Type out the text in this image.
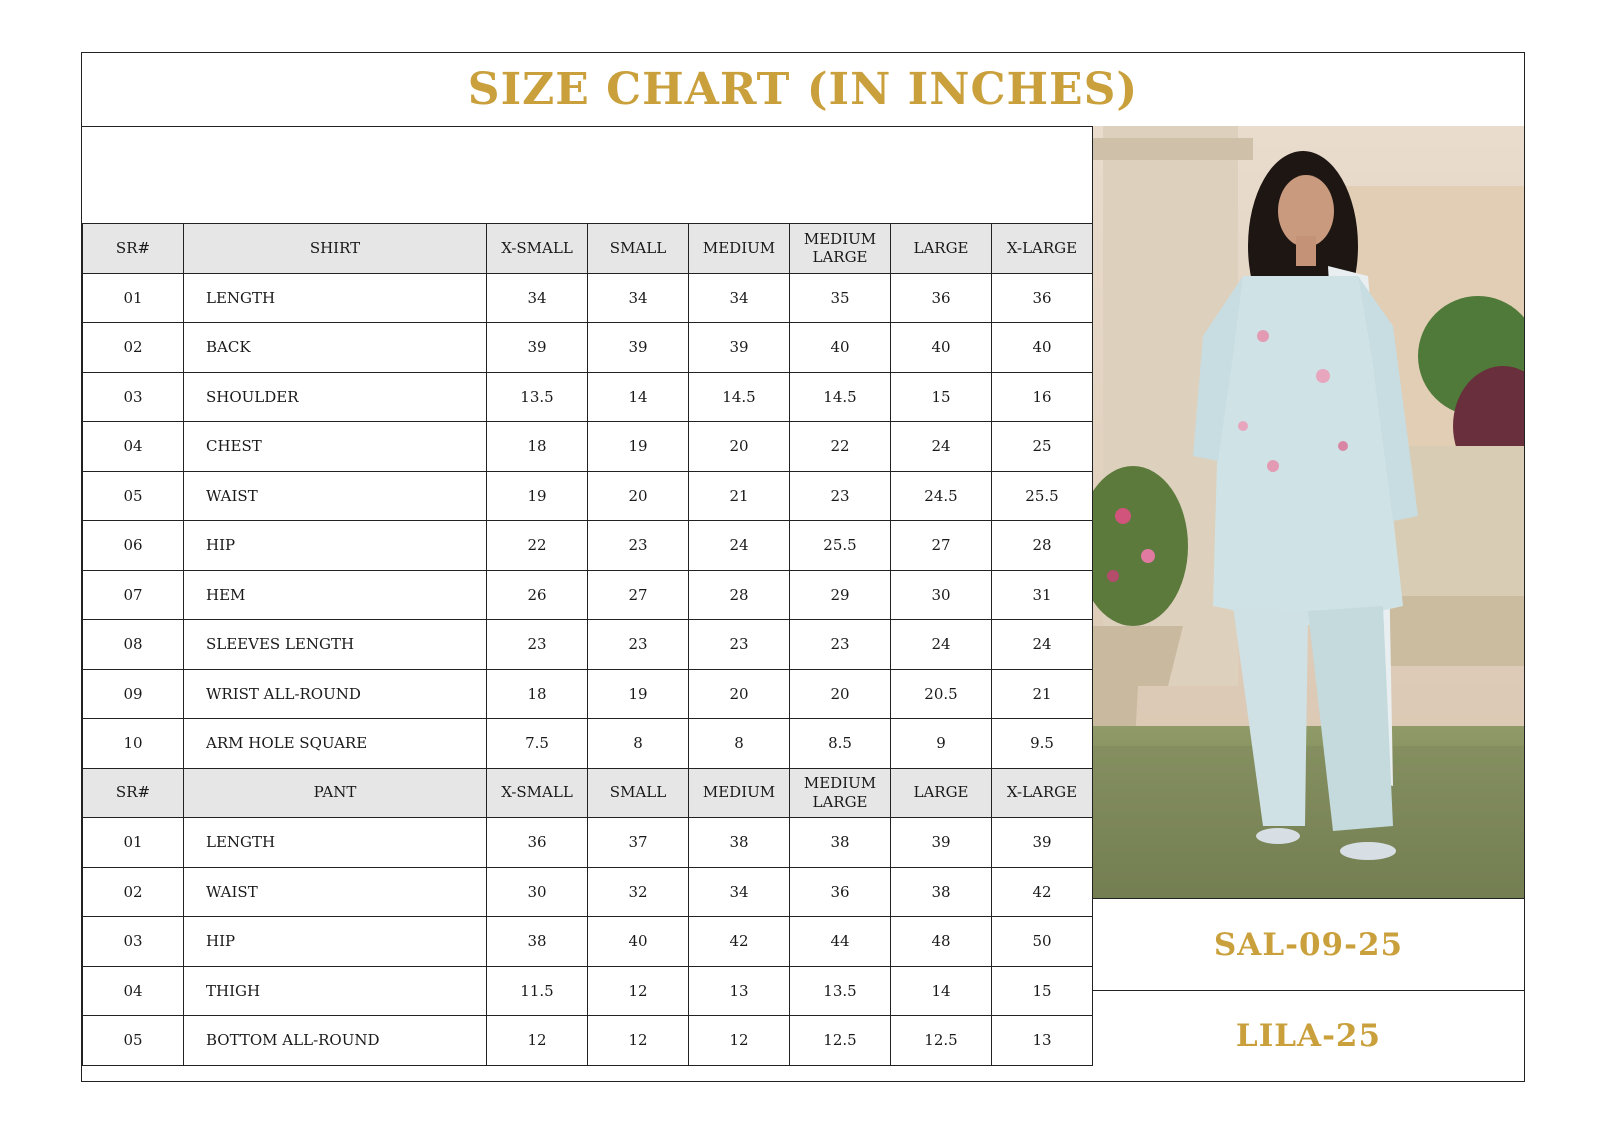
SIZE CHART (IN INCHES)
SR#	SHIRT	X-SMALL	SMALL	MEDIUM	MEDIUM LARGE	LARGE	X-LARGE
01	LENGTH	34	34	34	35	36	36
02	BACK	39	39	39	40	40	40
03	SHOULDER	13.5	14	14.5	14.5	15	16
04	CHEST	18	19	20	22	24	25
05	WAIST	19	20	21	23	24.5	25.5
06	HIP	22	23	24	25.5	27	28
07	HEM	26	27	28	29	30	31
08	SLEEVES LENGTH	23	23	23	23	24	24
09	WRIST ALL-ROUND	18	19	20	20	20.5	21
10	ARM HOLE SQUARE	7.5	8	8	8.5	9	9.5
SR#	PANT	X-SMALL	SMALL	MEDIUM	MEDIUM LARGE	LARGE	X-LARGE
01	LENGTH	36	37	38	38	39	39
02	WAIST	30	32	34	36	38	42
03	HIP	38	40	42	44	48	50
04	THIGH	11.5	12	13	13.5	14	15
05	BOTTOM ALL-ROUND	12	12	12	12.5	12.5	13
SAL-09-25
LILA-25
